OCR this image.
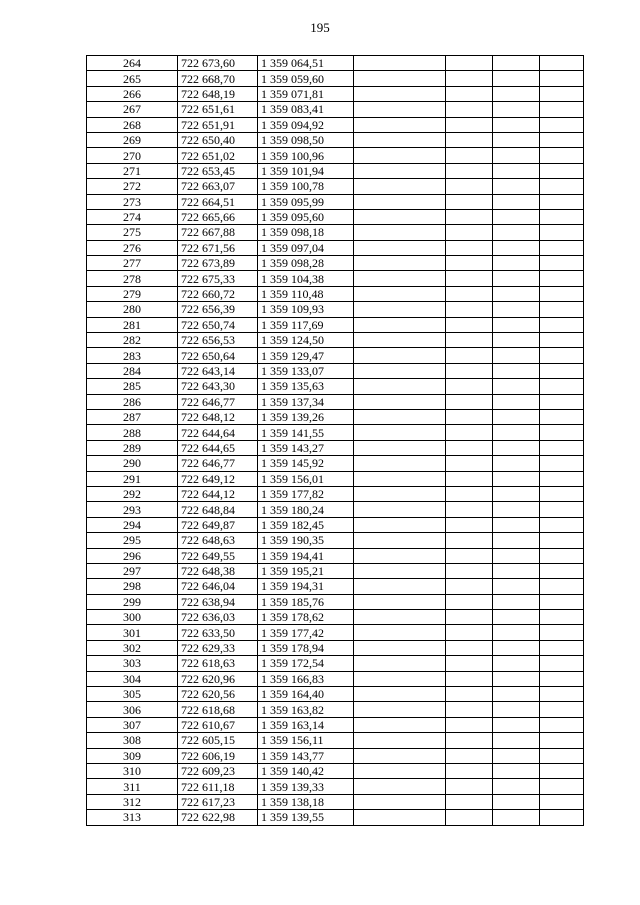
195
264	722 673,60	1 359 064,51				
265	722 668,70	1 359 059,60				
266	722 648,19	1 359 071,81				
267	722 651,61	1 359 083,41				
268	722 651,91	1 359 094,92				
269	722 650,40	1 359 098,50				
270	722 651,02	1 359 100,96				
271	722 653,45	1 359 101,94				
272	722 663,07	1 359 100,78				
273	722 664,51	1 359 095,99				
274	722 665,66	1 359 095,60				
275	722 667,88	1 359 098,18				
276	722 671,56	1 359 097,04				
277	722 673,89	1 359 098,28				
278	722 675,33	1 359 104,38				
279	722 660,72	1 359 110,48				
280	722 656,39	1 359 109,93				
281	722 650,74	1 359 117,69				
282	722 656,53	1 359 124,50				
283	722 650,64	1 359 129,47				
284	722 643,14	1 359 133,07				
285	722 643,30	1 359 135,63				
286	722 646,77	1 359 137,34				
287	722 648,12	1 359 139,26				
288	722 644,64	1 359 141,55				
289	722 644,65	1 359 143,27				
290	722 646,77	1 359 145,92				
291	722 649,12	1 359 156,01				
292	722 644,12	1 359 177,82				
293	722 648,84	1 359 180,24				
294	722 649,87	1 359 182,45				
295	722 648,63	1 359 190,35				
296	722 649,55	1 359 194,41				
297	722 648,38	1 359 195,21				
298	722 646,04	1 359 194,31				
299	722 638,94	1 359 185,76				
300	722 636,03	1 359 178,62				
301	722 633,50	1 359 177,42				
302	722 629,33	1 359 178,94				
303	722 618,63	1 359 172,54				
304	722 620,96	1 359 166,83				
305	722 620,56	1 359 164,40				
306	722 618,68	1 359 163,82				
307	722 610,67	1 359 163,14				
308	722 605,15	1 359 156,11				
309	722 606,19	1 359 143,77				
310	722 609,23	1 359 140,42				
311	722 611,18	1 359 139,33				
312	722 617,23	1 359 138,18				
313	722 622,98	1 359 139,55				
